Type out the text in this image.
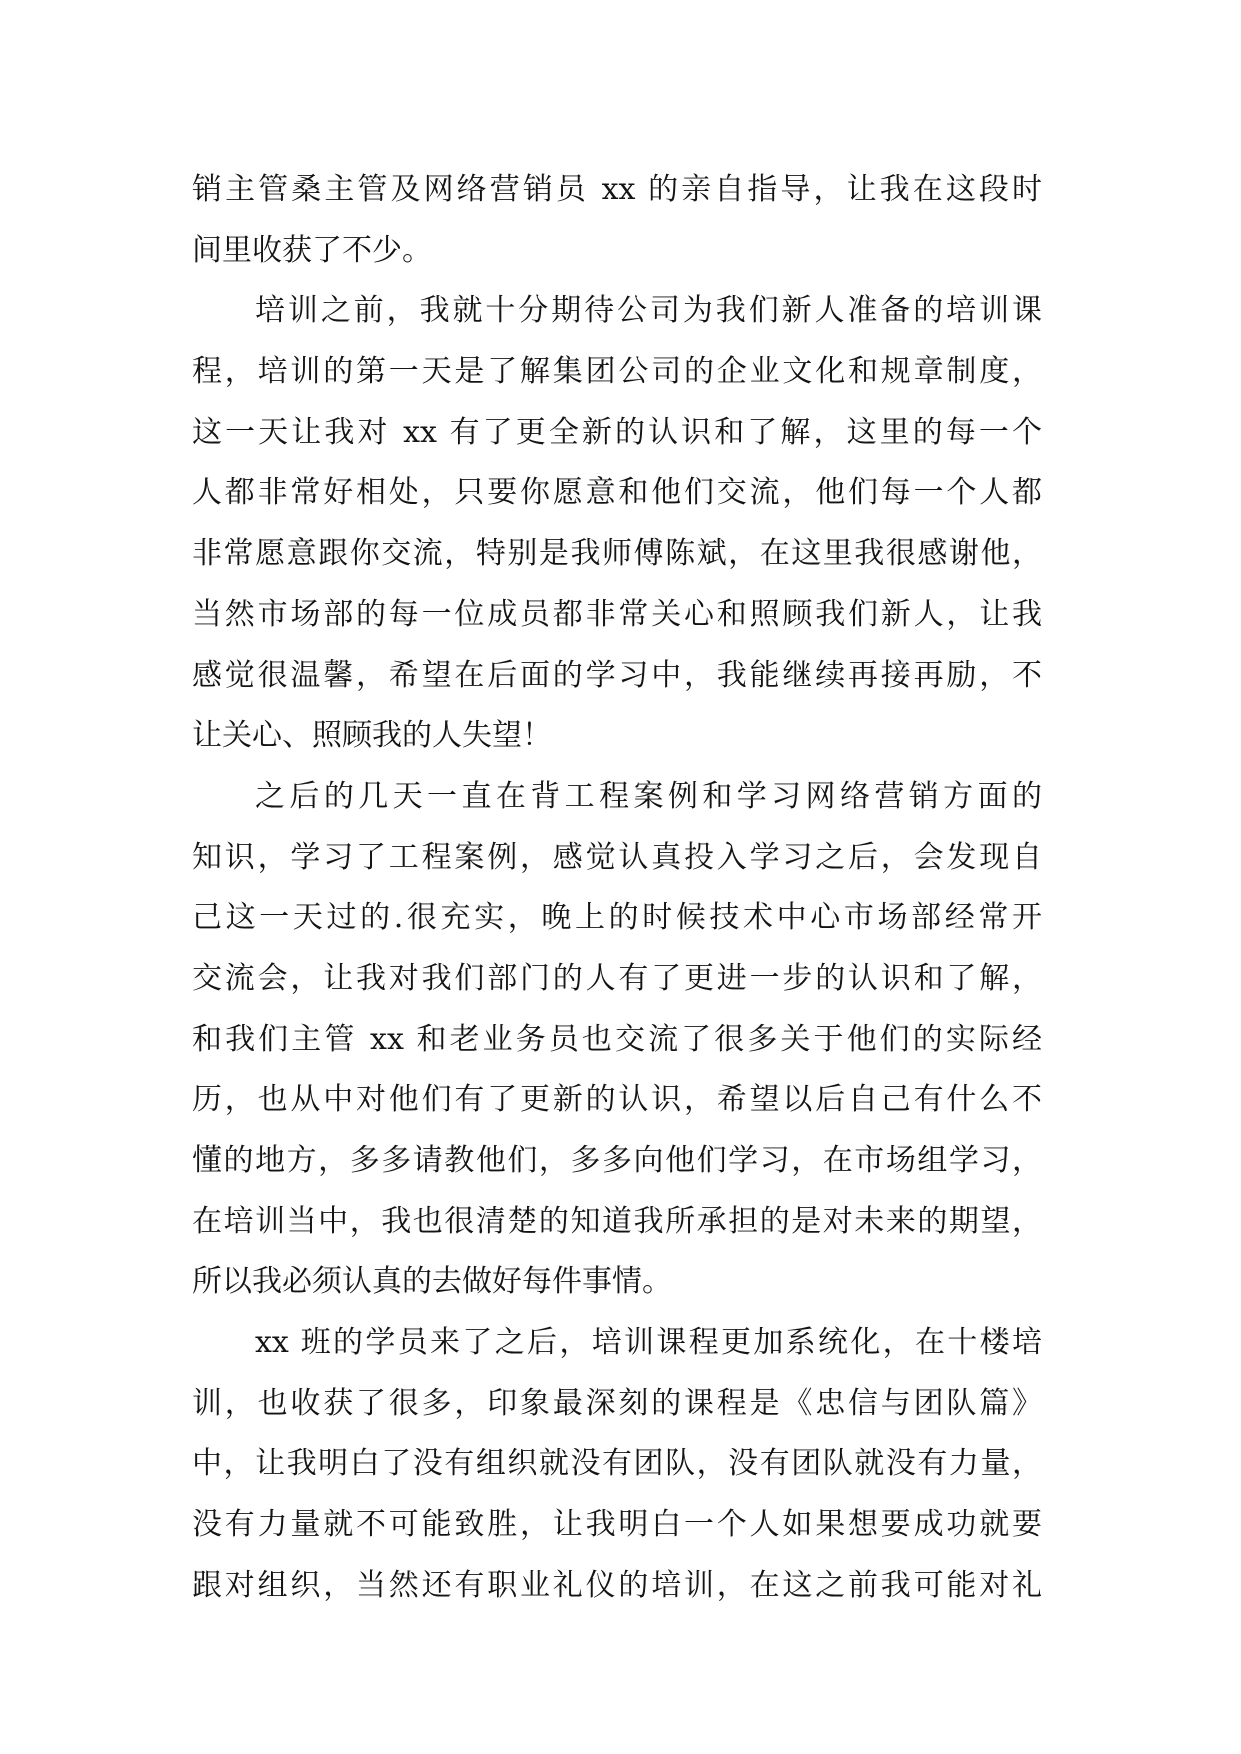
销主管桑主管及网络营销员 xx 的亲自指导，让我在这段时
间里收获了不少。
培训之前，我就十分期待公司为我们新人准备的培训课
程，培训的第一天是了解集团公司的企业文化和规章制度，
这一天让我对 xx 有了更全新的认识和了解，这里的每一个
人都非常好相处，只要你愿意和他们交流，他们每一个人都
非常愿意跟你交流，特别是我师傅陈斌，在这里我很感谢他，
当然市场部的每一位成员都非常关心和照顾我们新人，让我
感觉很温馨，希望在后面的学习中，我能继续再接再励，不
让关心、照顾我的人失望！
之后的几天一直在背工程案例和学习网络营销方面的
知识，学习了工程案例，感觉认真投入学习之后，会发现自
己这一天过的.很充实，晚上的时候技术中心市场部经常开
交流会，让我对我们部门的人有了更进一步的认识和了解，
和我们主管 xx 和老业务员也交流了很多关于他们的实际经
历，也从中对他们有了更新的认识，希望以后自己有什么不
懂的地方，多多请教他们，多多向他们学习，在市场组学习，
在培训当中，我也很清楚的知道我所承担的是对未来的期望，
所以我必须认真的去做好每件事情。
xx 班的学员来了之后，培训课程更加系统化，在十楼培
训，也收获了很多，印象最深刻的课程是《忠信与团队篇》
中，让我明白了没有组织就没有团队，没有团队就没有力量，
没有力量就不可能致胜，让我明白一个人如果想要成功就要
跟对组织，当然还有职业礼仪的培训，在这之前我可能对礼
